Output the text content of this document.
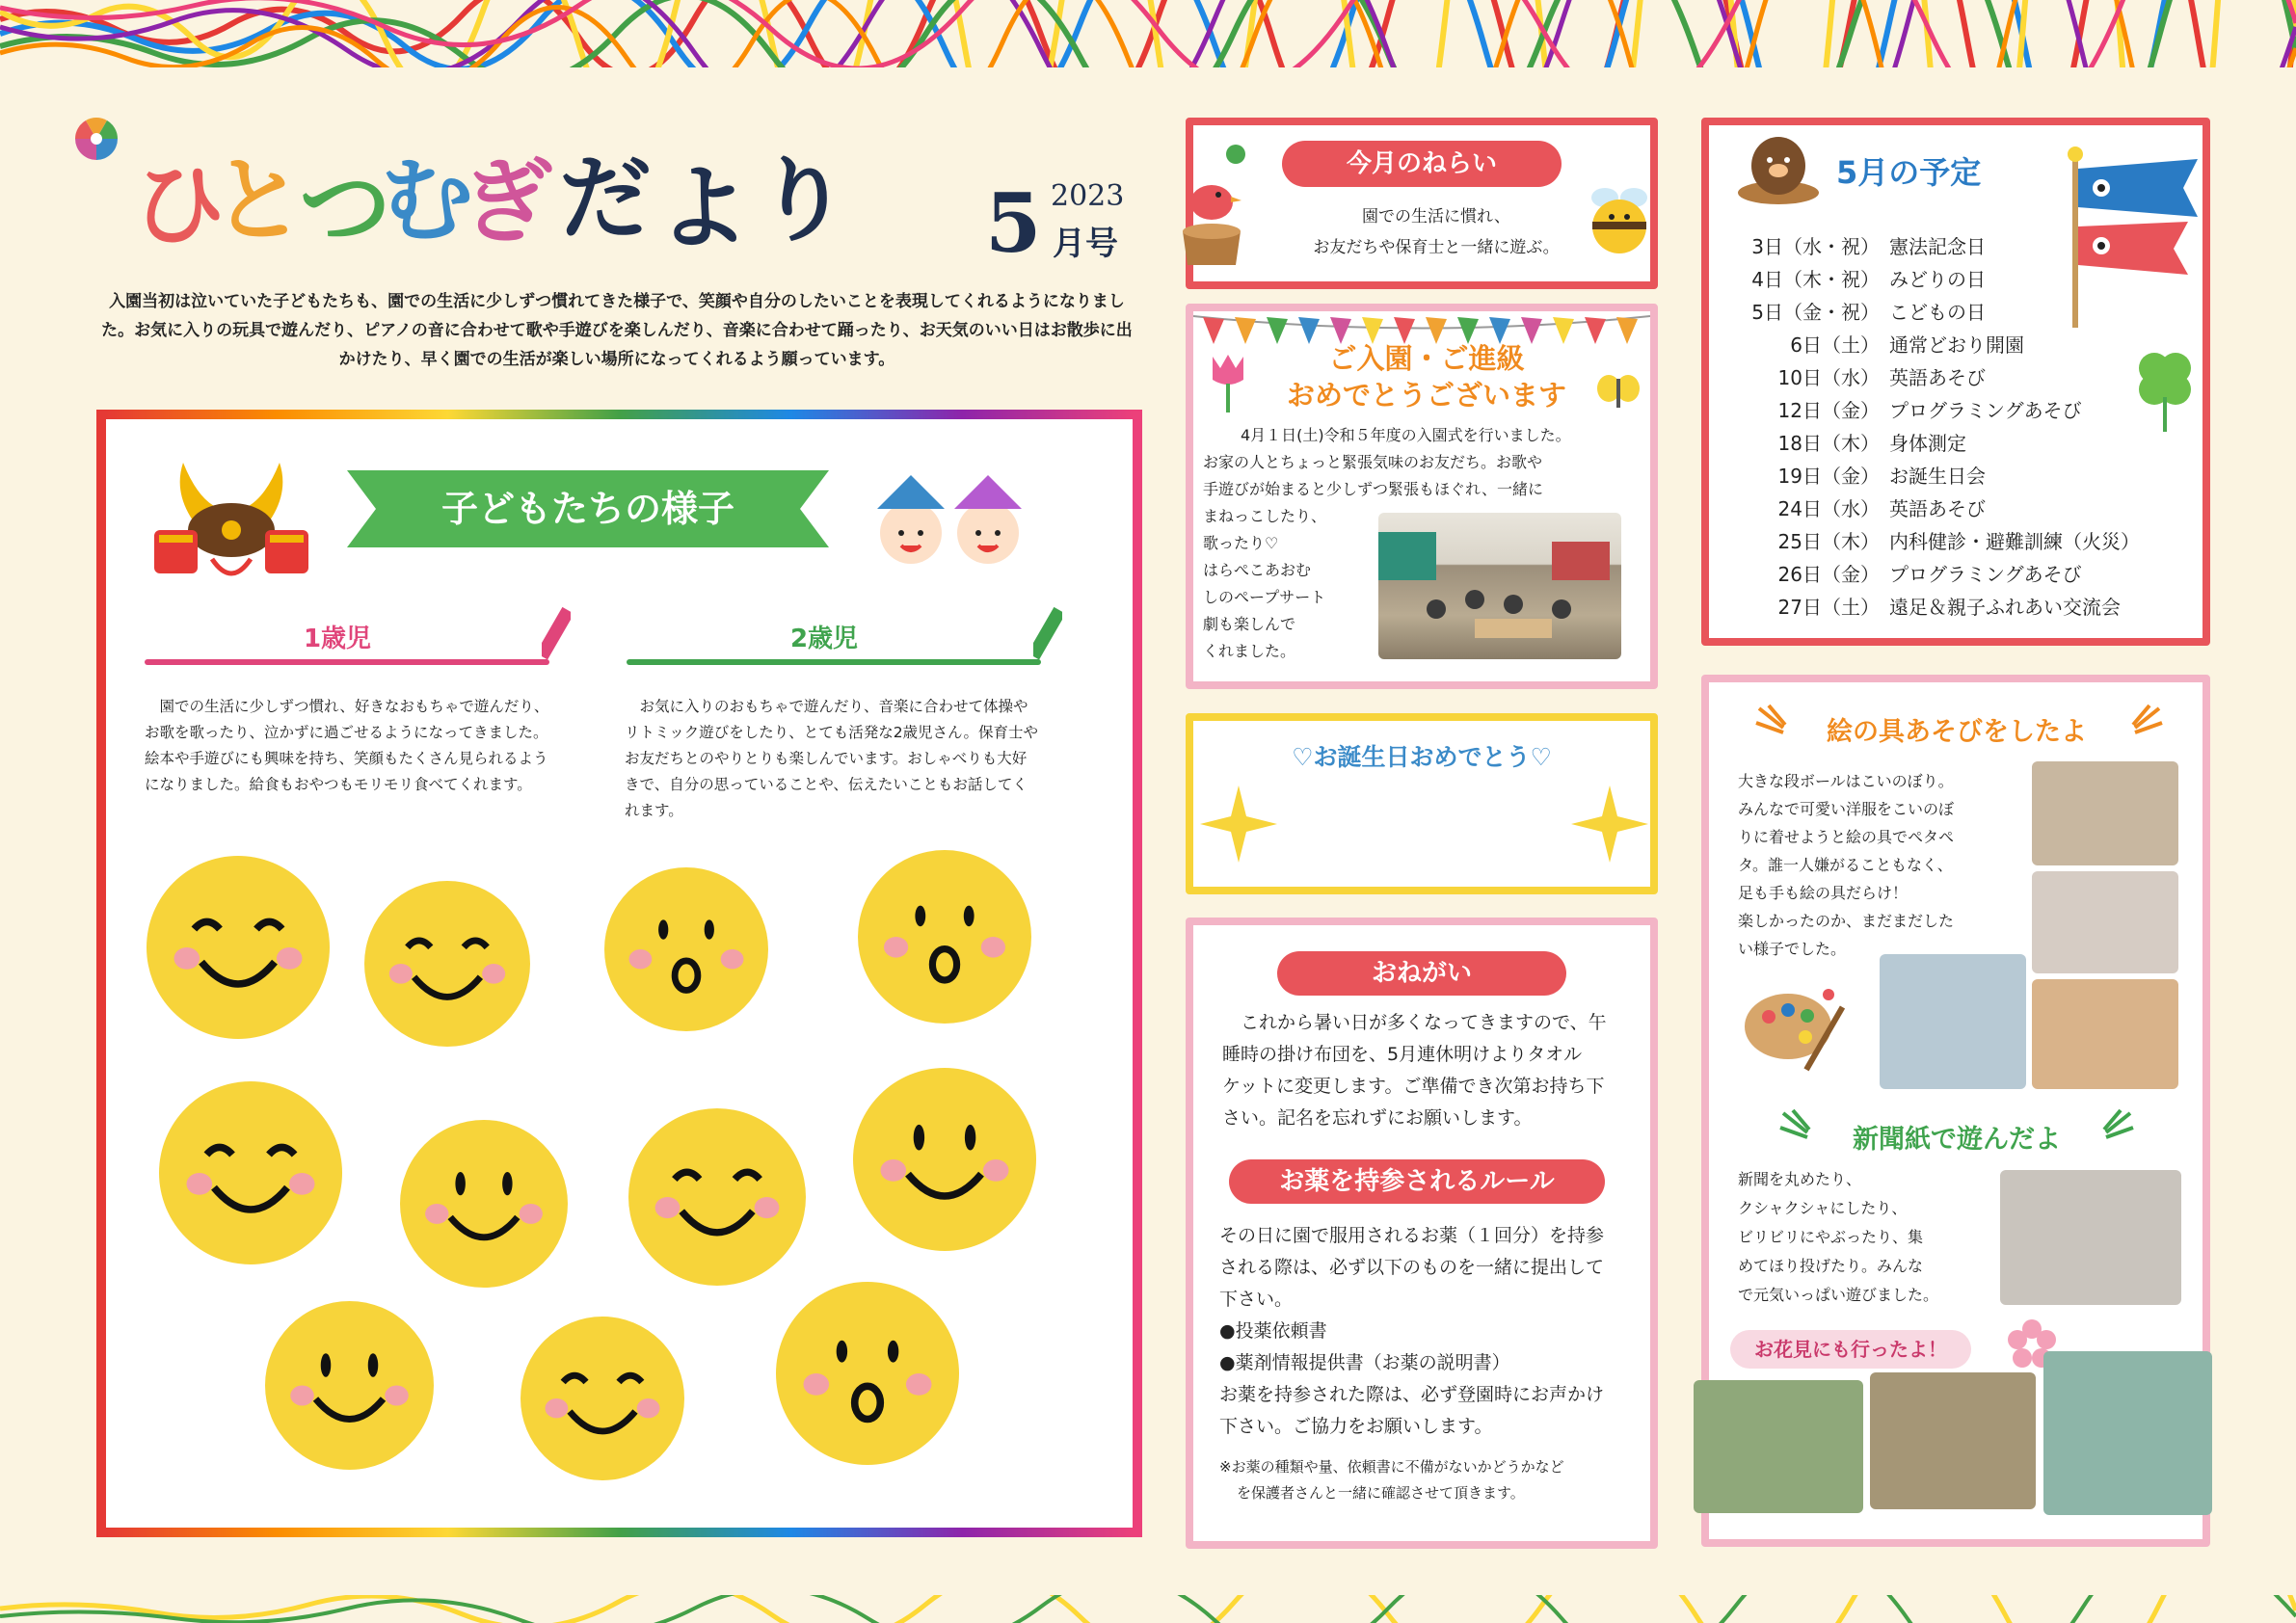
ひ
と
つ
む
ぎ だ よ り 5 2023
月号
入園当初は泣いていた子どもたちも、園での生活に少しずつ慣れてきた様子で、笑顔や自分のしたいことを表現してくれるようになりました。お気に入りの玩具で遊んだり、ピアノの音に合わせて歌や手遊びを楽しんだり、音楽に合わせて踊ったり、お天気のいい日はお散歩に出かけたり、早く園での生活が楽しい場所になってくれるよう願っています。
子どもたちの様子
1歳児
園での生活に少しずつ慣れ、好きなおもちゃで遊んだり、お歌を歌ったり、泣かずに過ごせるようになってきました。絵本や手遊びにも興味を持ち、笑顔もたくさん見られるようになりました。給食もおやつもモリモリ食べてくれます。
2歳児
お気に入りのおもちゃで遊んだり、音楽に合わせて体操やリトミック遊びをしたり、とても活発な2歳児さん。保育士やお友だちとのやりとりも楽しんでいます。おしゃべりも大好きで、自分の思っていることや、伝えたいこともお話してくれます。
今月のねらい
園での生活に慣れ、
お友だちや保育士と一緒に遊ぶ。
ご入園・ご進級
おめでとうございます
4月１日(土)令和５年度の入園式を行いました。
お家の人とちょっと緊張気味のお友だち。お歌や
手遊びが始まると少しずつ緊張もほぐれ、一緒に
まねっこしたり、
歌ったり♡
はらぺこあおむ
しのペープサート
劇も楽しんで
くれました。
♡お誕生日おめでとう♡
おねがい
これから暑い日が多くなってきますので、午
睡時の掛け布団を、5月連休明けよりタオル
ケットに変更します。ご準備でき次第お持ち下
さい。記名を忘れずにお願いします。
お薬を持参されるルール
その日に園で服用されるお薬（１回分）を持参
される際は、必ず以下のものを一緒に提出して
下さい。
●投薬依頼書
●薬剤情報提供書（お薬の説明書）
お薬を持参された際は、必ず登園時にお声かけ
下さい。ご協力をお願いします。
※お薬の種類や量、依頼書に不備がないかどうかなど
を保護者さんと一緒に確認させて頂きます。
5月の予定
3日（水・祝） 憲法記念日
4日（木・祝） みどりの日
5日（金・祝） こどもの日
6日（土） 通常どおり開園
10日（水） 英語あそび
12日（金） プログラミングあそび
18日（木） 身体測定
19日（金） お誕生日会
24日（水） 英語あそび
25日（木） 内科健診・避難訓練（火災）
26日（金） プログラミングあそび
27日（土） 遠足＆親子ふれあい交流会
絵の具あそびをしたよ
大きな段ボールはこいのぼり。
みんなで可愛い洋服をこいのぼ
りに着せようと絵の具でペタペ
タ。誰一人嫌がることもなく、
足も手も絵の具だらけ！
楽しかったのか、まだまだした
い様子でした。
新聞紙で遊んだよ
新聞を丸めたり、
クシャクシャにしたり、
ビリビリにやぶったり、集
めてほり投げたり。みんな
で元気いっぱい遊びました。
お花見にも行ったよ！
